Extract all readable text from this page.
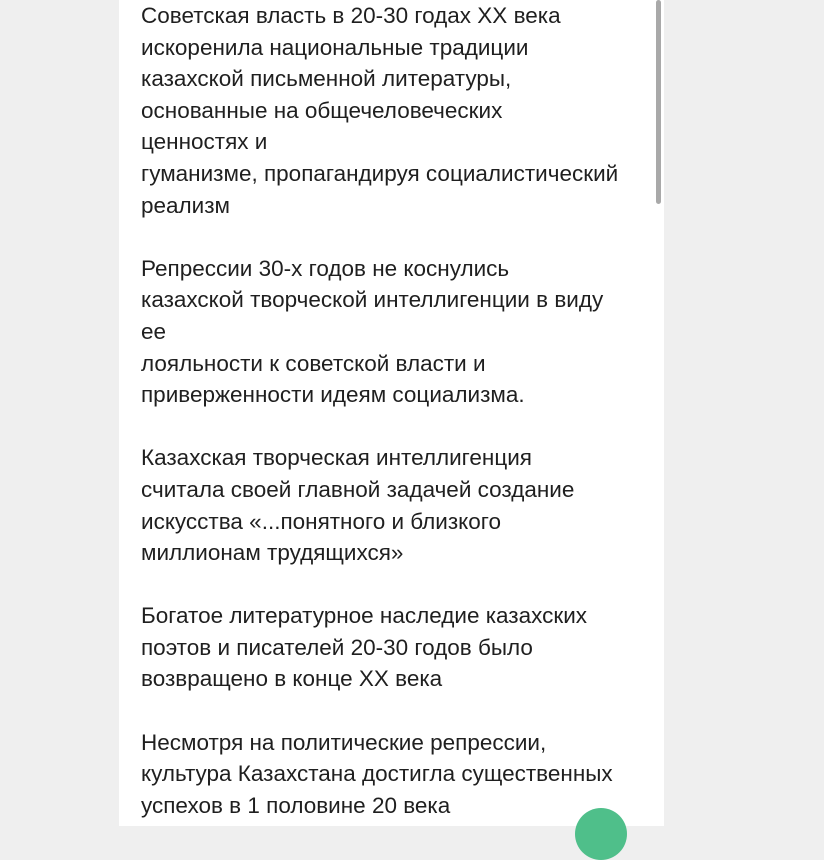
Советская власть в 20-30 годах XX века
искоренила национальные традиции
казахской письменной литературы,
основанные на общечеловеческих
ценностях и
гуманизме, пропагандируя социалистический
реализм
Репрессии 30-х годов не коснулись
казахской творческой интеллигенции в виду
ее
лояльности к советской власти и
приверженности идеям социализма.
Казахская творческая интеллигенция
считала своей главной задачей создание
искусства «...понятного и близкого
миллионам трудящихся»
Богатое литературное наследие казахских
поэтов и писателей 20-30 годов было
возвращено в конце XX века
Несмотря на политические репрессии,
культура Казахстана достигла существенных
успехов в 1 половине 20 века
